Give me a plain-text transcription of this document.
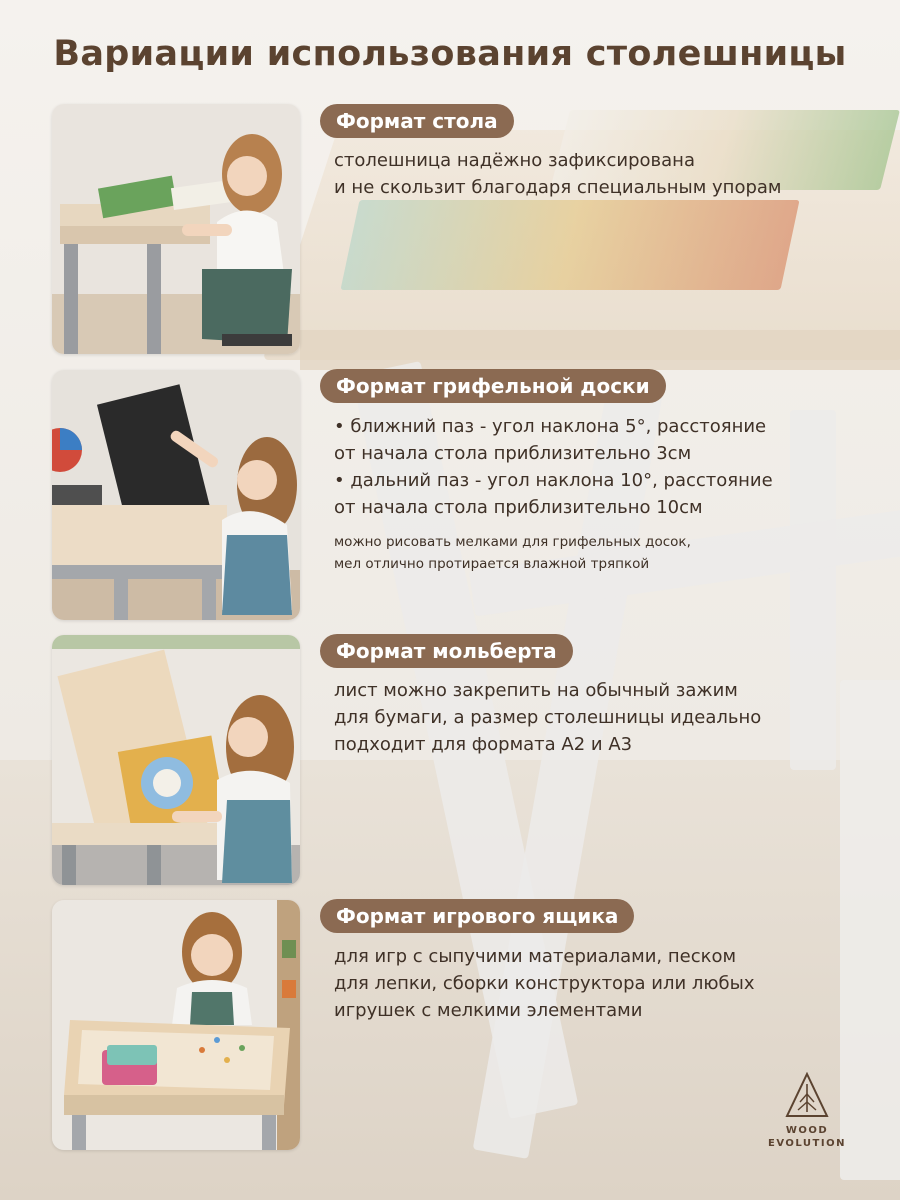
Вариации использования столешницы
Формат стола

столешница надёжно зафиксирована

и не скользит благодаря специальным упорам

Формат грифельной доски

• ближний паз - угол наклона 5°, расстояние

от начала стола приблизительно 3см

• дальний паз - угол наклона 10°, расстояние

от начала стола приблизительно 10см

можно рисовать мелками для грифельных досок,

мел отлично протирается влажной тряпкой

Формат мольберта

лист можно закрепить на обычный зажим

для бумаги, а размер столешницы идеально

подходит для формата А2 и А3

Формат игрового ящика

для игр с сыпучими материалами, песком

для лепки, сборки конструктора или любых

игрушек с мелкими элементами

WOOD
EVOLUTION
